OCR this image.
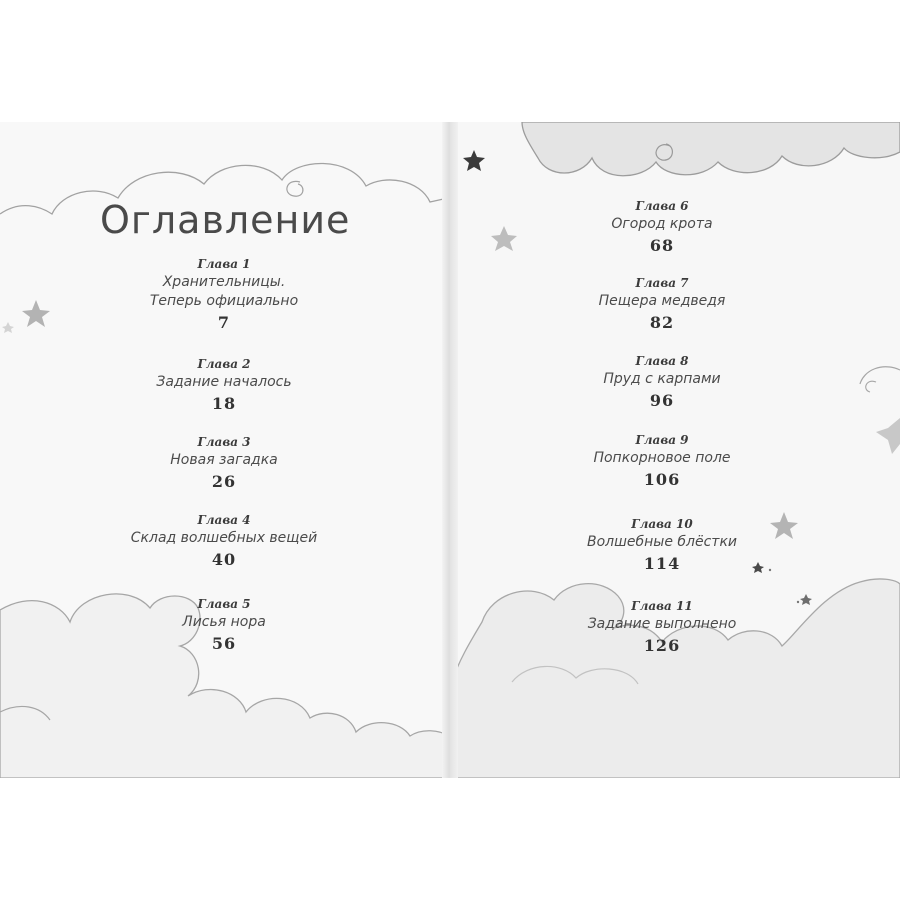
Оглавление
Глава 1
Хранительницы.
Теперь официально
7
Глава 2
Задание началось
18
Глава 3
Новая загадка
26
Глава 4
Склад волшебных вещей
40
Глава 5
Лисья нора
56
Глава 6
Огород крота
68
Глава 7
Пещера медведя
82
Глава 8
Пруд с карпами
96
Глава 9
Попкорновое поле
106
Глава 10
Волшебные блёстки
114
Глава 11
Задание выполнено
126
